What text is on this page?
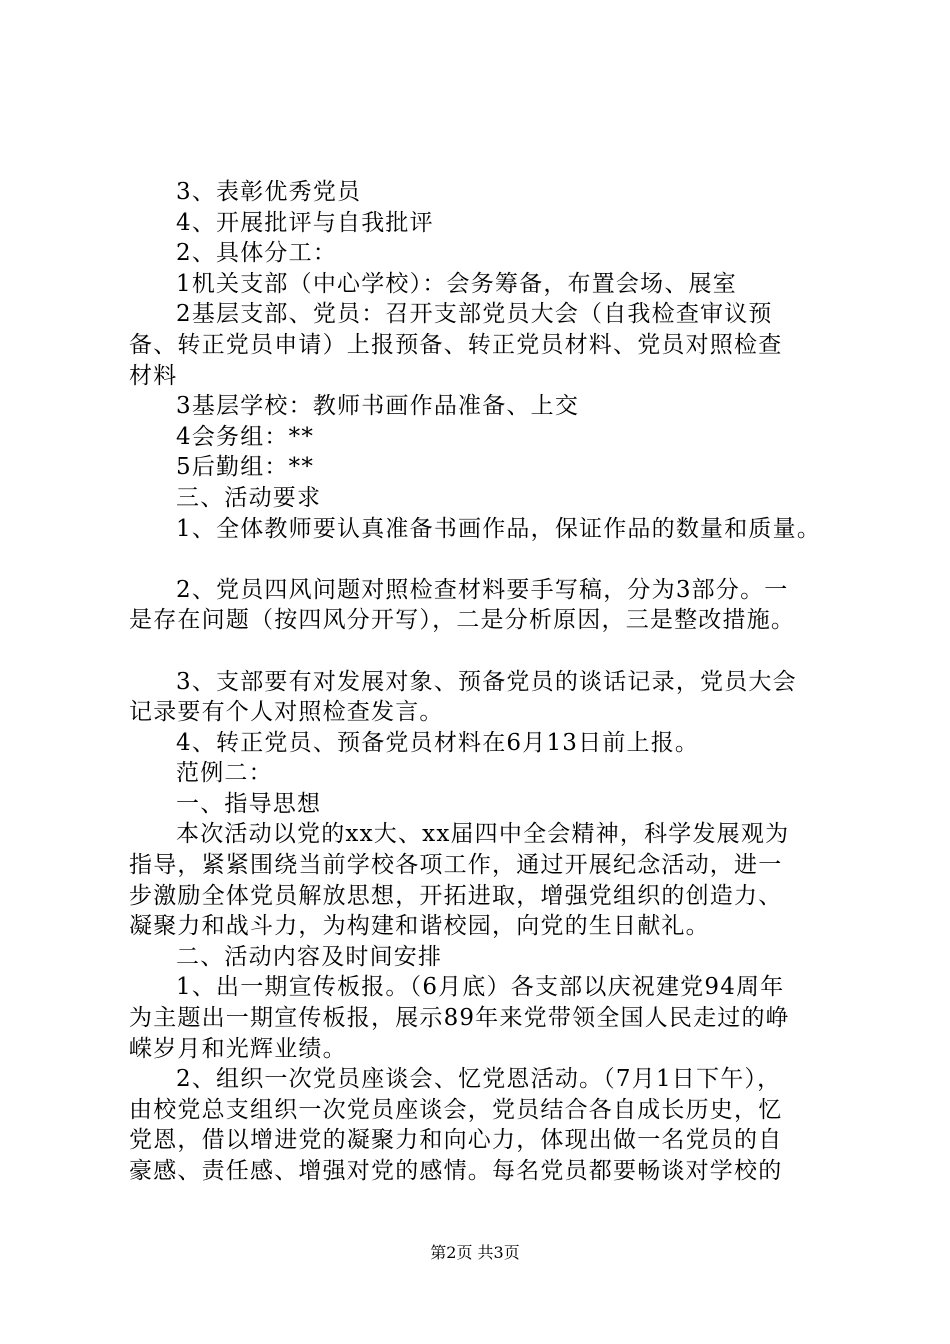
3、表彰优秀党员
4、开展批评与自我批评
2、具体分工：
1机关支部（中心学校）：会务筹备，布置会场、展室
2基层支部、党员：召开支部党员大会（自我检查审议预
备、转正党员申请）上报预备、转正党员材料、党员对照检查
材料
3基层学校：教师书画作品准备、上交
4会务组：**
5后勤组：**
三、活动要求
1、全体教师要认真准备书画作品，保证作品的数量和质量。
2、党员四风问题对照检查材料要手写稿，分为3部分。一
是存在问题（按四风分开写），二是分析原因，三是整改措施。
3、支部要有对发展对象、预备党员的谈话记录，党员大会
记录要有个人对照检查发言。
4、转正党员、预备党员材料在6月13日前上报。
范例二：
一、指导思想
本次活动以党的xx大、xx届四中全会精神，科学发展观为
指导，紧紧围绕当前学校各项工作，通过开展纪念活动，进一
步激励全体党员解放思想，开拓进取，增强党组织的创造力、
凝聚力和战斗力，为构建和谐校园，向党的生日献礼。
二、活动内容及时间安排
1、出一期宣传板报。（6月底）各支部以庆祝建党94周年
为主题出一期宣传板报，展示89年来党带领全国人民走过的峥
嵘岁月和光辉业绩。
2、组织一次党员座谈会、忆党恩活动。（7月1日下午），
由校党总支组织一次党员座谈会，党员结合各自成长历史，忆
党恩，借以增进党的凝聚力和向心力，体现出做一名党员的自
豪感、责任感、增强对党的感情。每名党员都要畅谈对学校的
第2页 共3页
